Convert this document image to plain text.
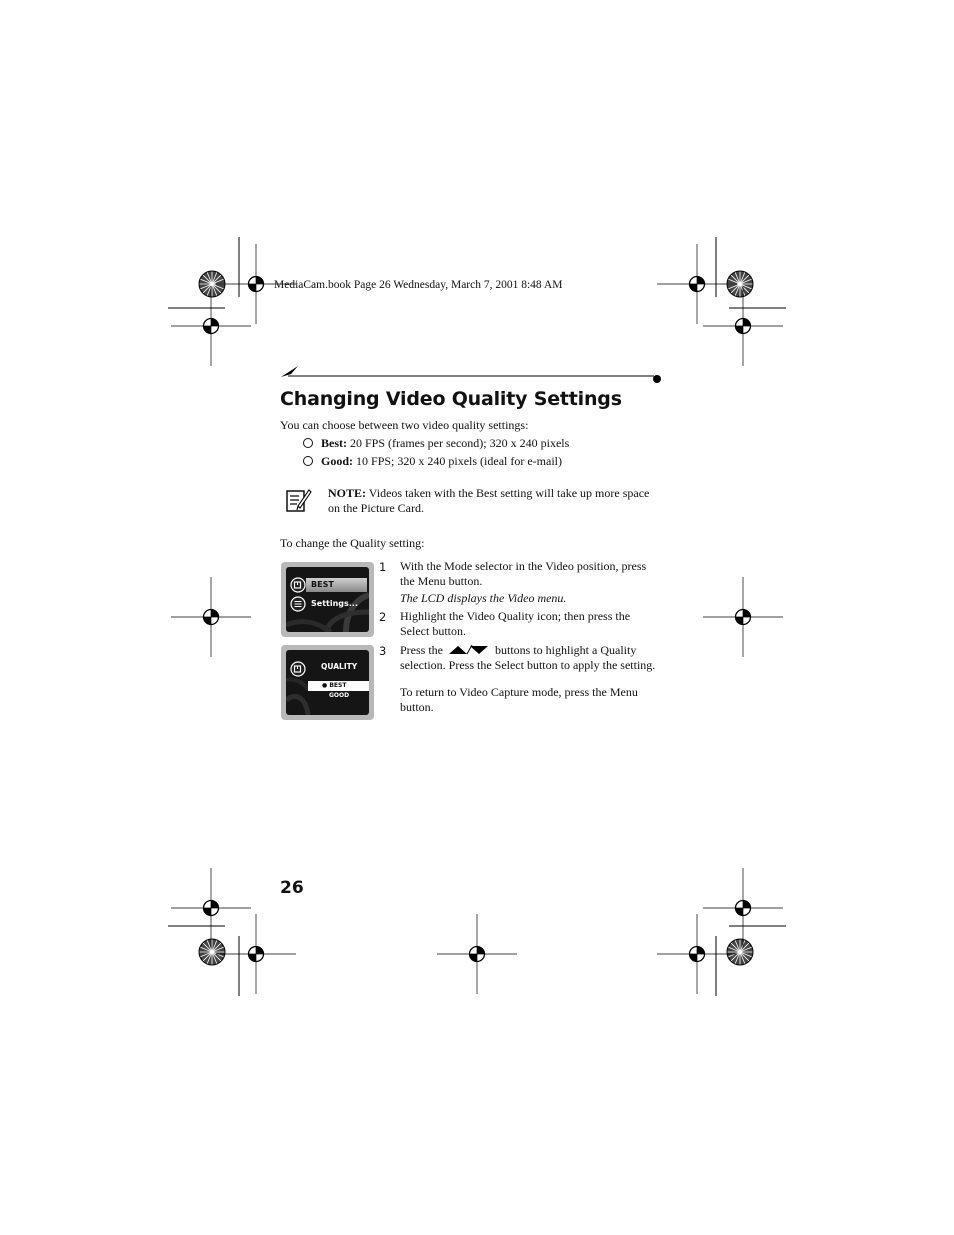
MediaCam.book Page 26 Wednesday, March 7, 2001 8:48 AM
Changing Video Quality Settings
You can choose between two video quality settings:
Best: 20 FPS (frames per second); 320 x 240 pixels
Good: 10 FPS; 320 x 240 pixels (ideal for e-mail)
NOTE: Videos taken with the Best setting will take up more space on the Picture Card.
To change the Quality setting:
BEST
Settings...
QUALITY
● BEST
GOOD
1 With the Mode selector in the Video position, press the Menu button.
The LCD displays the Video menu.
2 Highlight the Video Quality icon; then press the Select button.
3 Press the	buttons to highlight a Quality selection. Press the Select button to apply the setting.
To return to Video Capture mode, press the Menu button.
26
